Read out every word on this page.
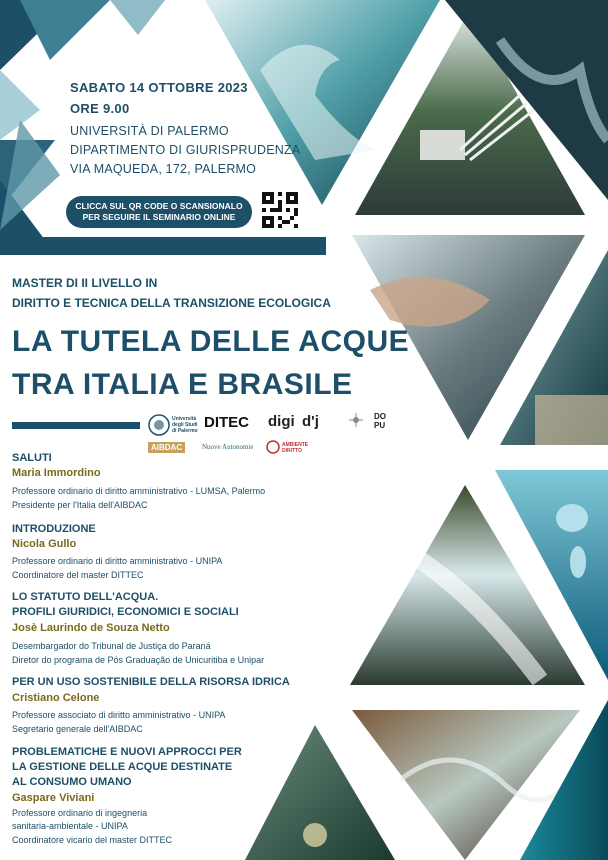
SABATO 14 OTTOBRE 2023
ORE 9.00
UNIVERSITÀ DI PALERMO
DIPARTIMENTO DI GIURISPRUDENZA
VIA MAQUEDA, 172, PALERMO
CLICCA SUL QR CODE O SCANSIONALO
PER SEGUIRE IL SEMINARIO ONLINE
MASTER DI II LIVELLO IN
DIRITTO E TECNICA DELLA TRANSIZIONE ECOLOGICA
LA TUTELA DELLE ACQUE
TRA ITALIA E BRASILE
Università degli Studi di Palermo DITEC digi d'j	DOPU
AIBDAC	Nuove Autonomie	AMBIENTE DIRITTO
SALUTI
Maria Immordino
Professore ordinario di diritto amministrativo - LUMSA, Palermo
Presidente per l'Italia dell'AIBDAC
INTRODUZIONE
Nicola Gullo
Professore ordinario di diritto amministrativo - UNIPA
Coordinatore del master DITTEC
LO STATUTO DELL'ACQUA.
PROFILI GIURIDICI, ECONOMICI E SOCIALI
Josè Laurindo de Souza Netto
Desembargador do Tribunal de Justiça do Paraná
Diretor do programa de Pós Graduação de Unicuritiba e Unipar
PER UN USO SOSTENIBILE DELLA RISORSA IDRICA
Cristiano Celone
Professore associato di diritto amministrativo - UNIPA
Segretario generale dell'AIBDAC
PROBLEMATICHE E NUOVI APPROCCI PER
LA GESTIONE DELLE ACQUE DESTINATE
AL CONSUMO UMANO
Gaspare Viviani
Professore ordinario di ingegneria
sanitaria-ambientale - UNIPA
Coordinatore vicario del master DITTEC
